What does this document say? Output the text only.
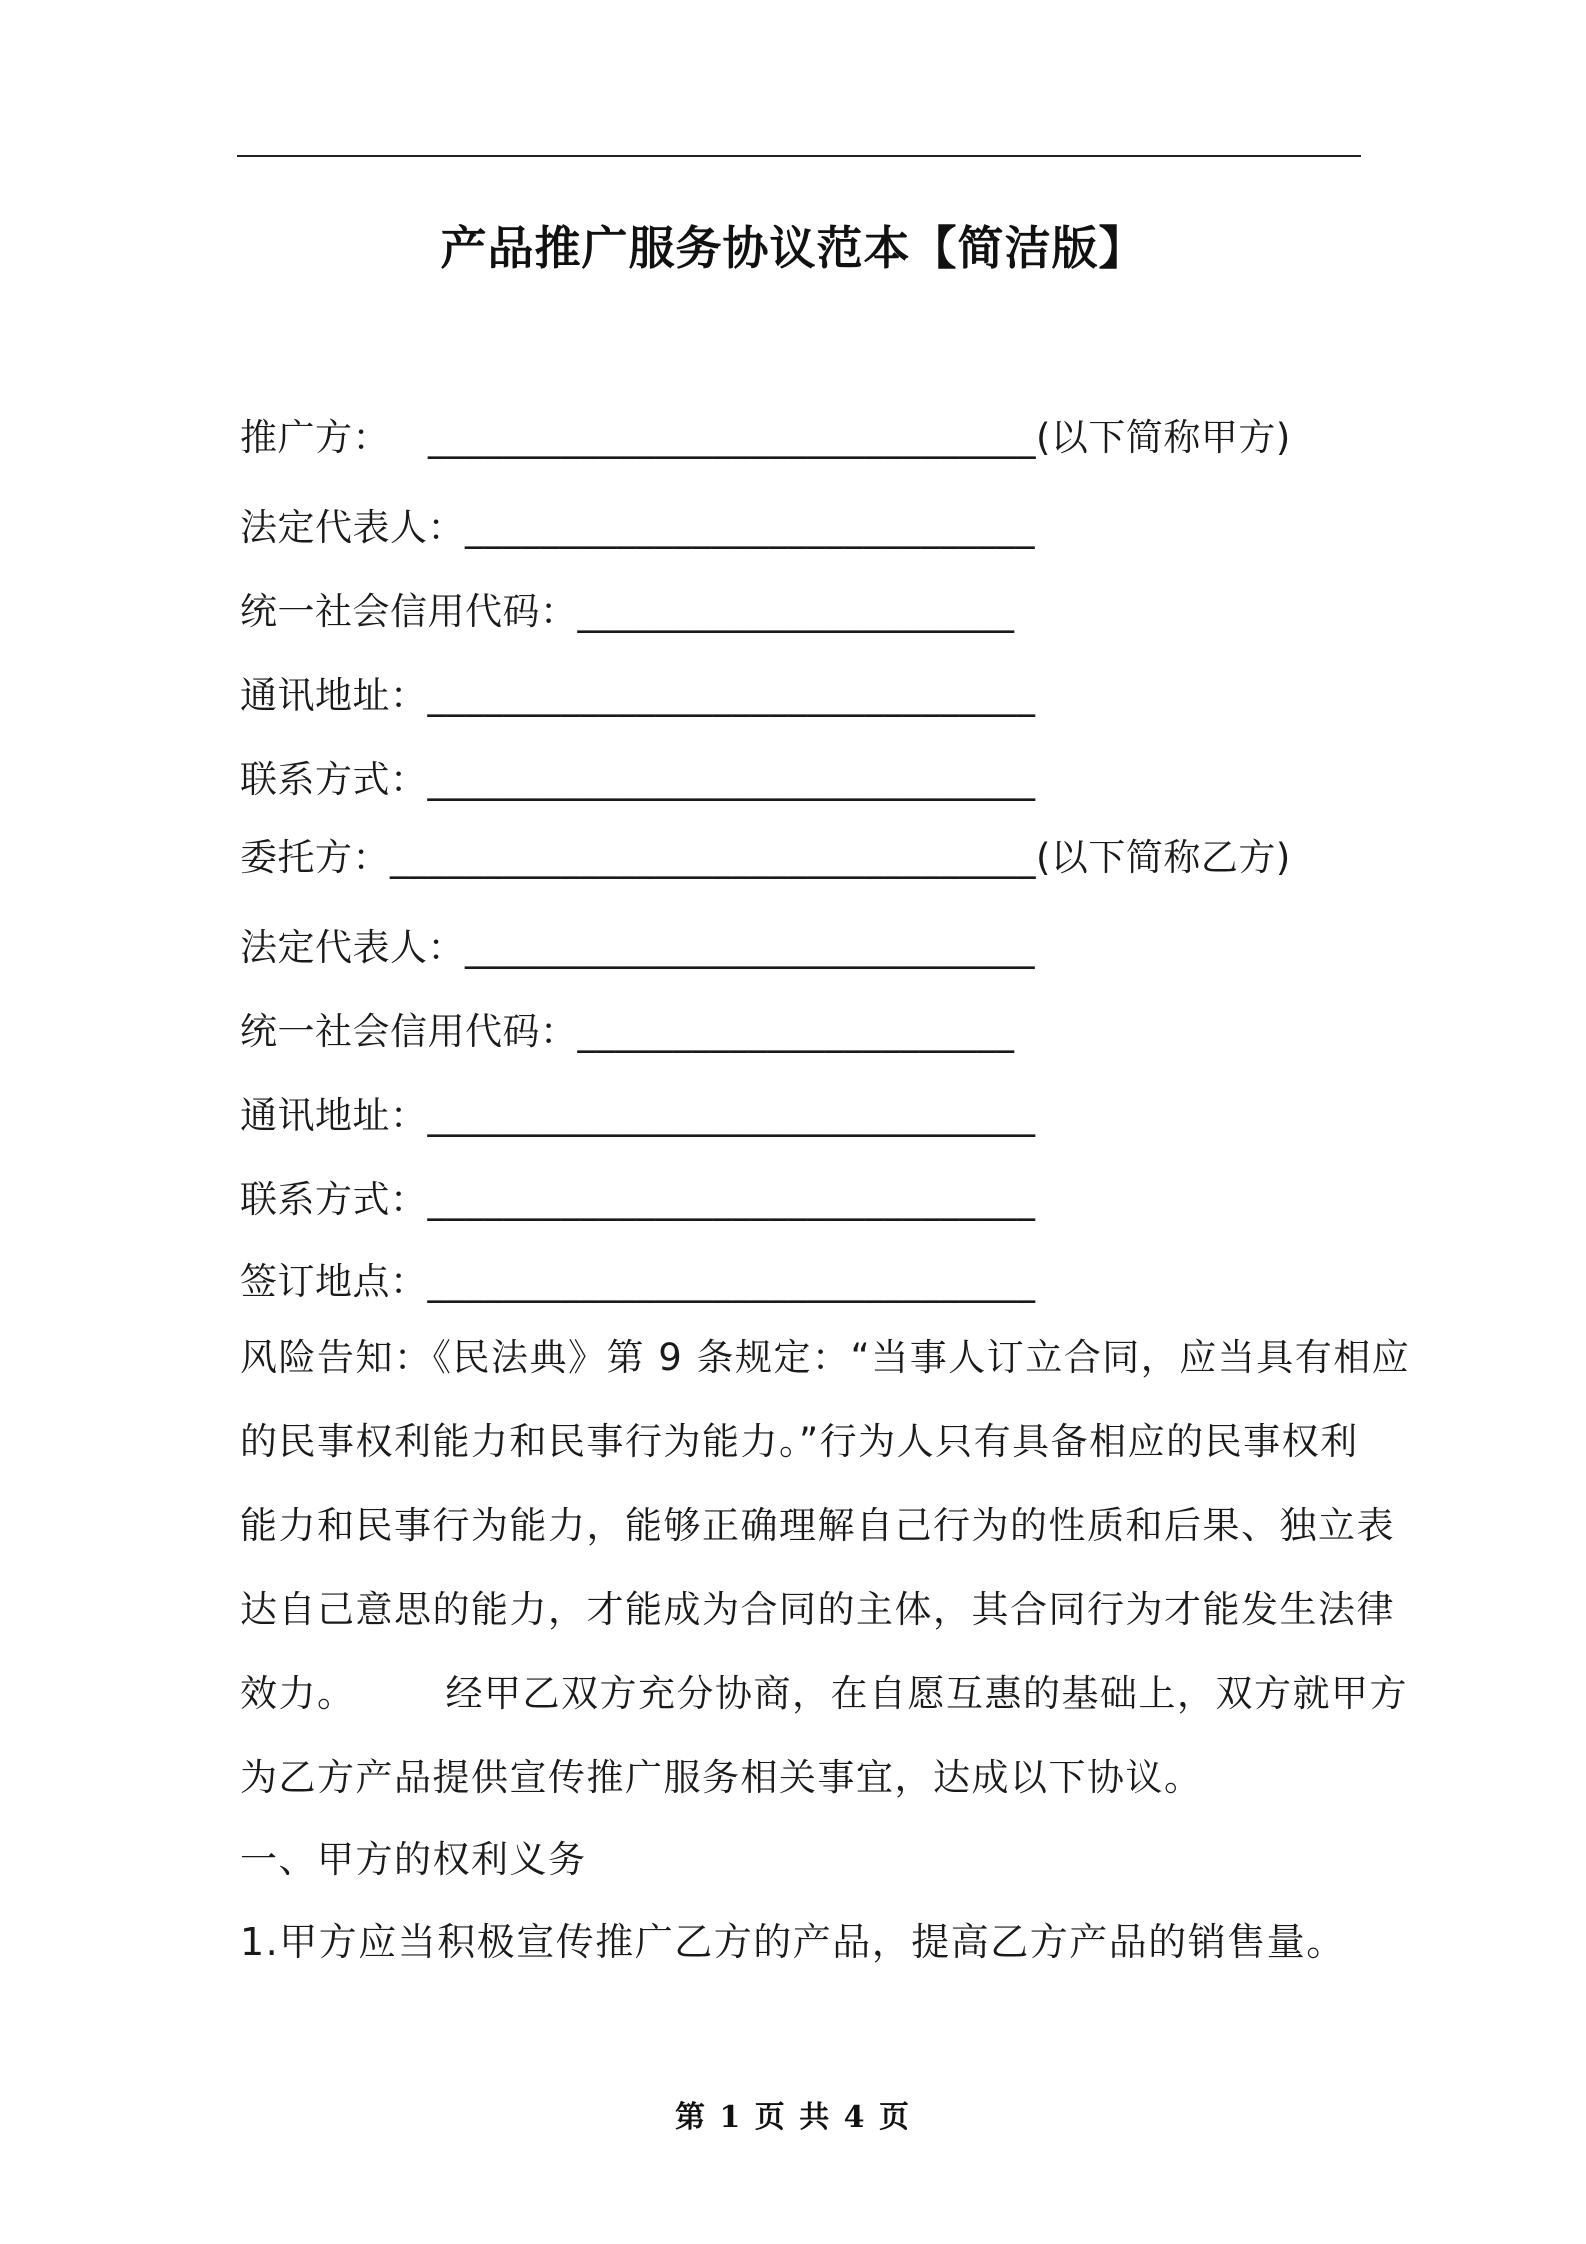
产品推广服务协议范本【简洁版】
推广方： ________________________________(以下简称甲方)
法定代表人：______________________________
统一社会信用代码：_______________________
通讯地址：________________________________
联系方式：________________________________
委托方：__________________________________(以下简称乙方)
法定代表人：______________________________
统一社会信用代码：_______________________
通讯地址：________________________________
联系方式：________________________________
签订地点：________________________________
风险告知：《民法典》第 9 条规定：“当事人订立合同，应当具有相应
的民事权利能力和民事行为能力。”行为人只有具备相应的民事权利
能力和民事行为能力，能够正确理解自己行为的性质和后果、独立表
达自己意思的能力，才能成为合同的主体，其合同行为才能发生法律
效力。 经甲乙双方充分协商，在自愿互惠的基础上，双方就甲方
为乙方产品提供宣传推广服务相关事宜，达成以下协议。
一、甲方的权利义务
1.甲方应当积极宣传推广乙方的产品，提高乙方产品的销售量。
第 1 页 共 4 页
